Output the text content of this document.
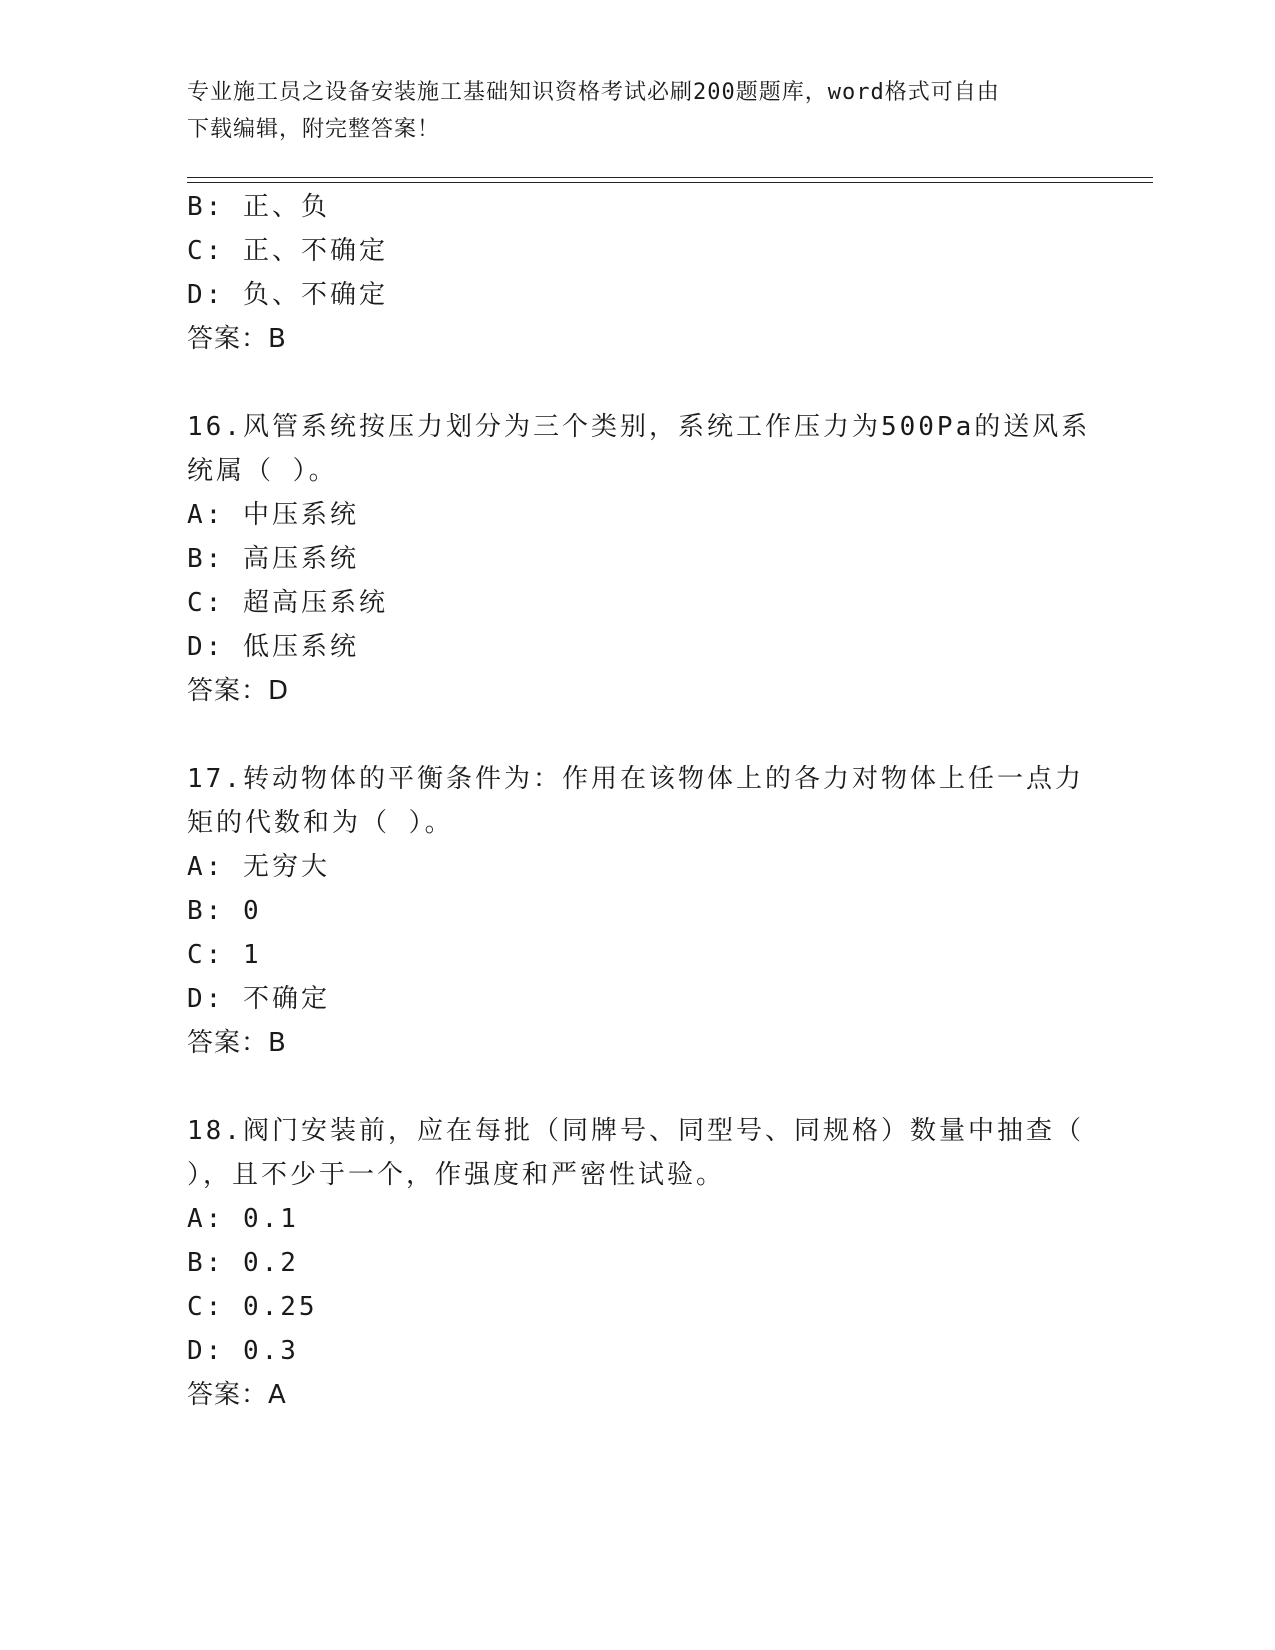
专业施工员之设备安装施工基础知识资格考试必刷200题题库，word格式可自由
下载编辑，附完整答案！
B: 正、负
C: 正、不确定
D: 负、不确定
答案：B
16.风管系统按压力划分为三个类别，系统工作压力为500Pa的送风系
统属（ ）。
A: 中压系统
B: 高压系统
C: 超高压系统
D: 低压系统
答案：D
17.转动物体的平衡条件为：作用在该物体上的各力对物体上任一点力
矩的代数和为（ ）。
A: 无穷大
B: 0
C: 1
D: 不确定
答案：B
18.阀门安装前，应在每批（同牌号、同型号、同规格）数量中抽查（
），且不少于一个，作强度和严密性试验。
A: 0.1
B: 0.2
C: 0.25
D: 0.3
答案：A
